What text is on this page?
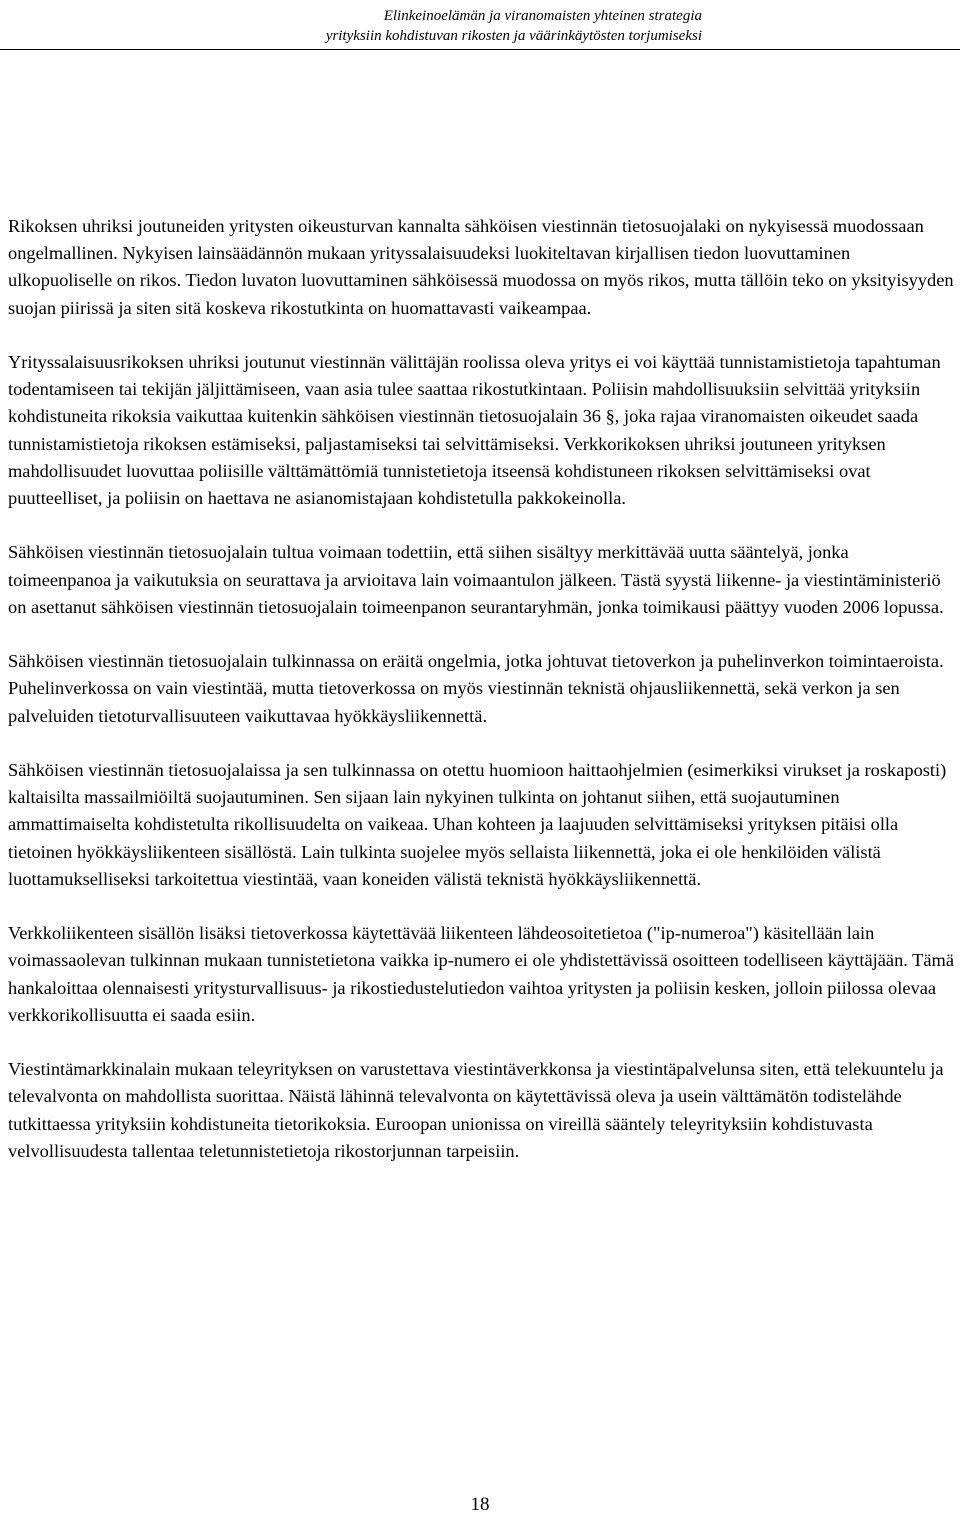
Elinkeinoelämän ja viranomaisten yhteinen strategia
yrityksiin kohdistuvan rikosten ja väärinkäytösten torjumiseksi

Rikoksen uhriksi joutuneiden yritysten oikeusturvan kannalta sähköisen viestinnän tietosuojalaki on nykyisessä muodossaan ongelmallinen. Nykyisen lainsäädännön mukaan yrityssalaisuudeksi luokiteltavan kirjallisen tiedon luovuttaminen ulkopuoliselle on rikos. Tiedon luvaton luovuttaminen sähköisessä muodossa on myös rikos, mutta tällöin teko on yksityisyyden suojan piirissä ja siten sitä koskeva rikostutkinta on huomattavasti vaikeampaa.

Yrityssalaisuusrikoksen uhriksi joutunut viestinnän välittäjän roolissa oleva yritys ei voi käyttää tunnistamistietoja tapahtuman todentamiseen tai tekijän jäljittämiseen, vaan asia tulee saattaa rikostutkintaan. Poliisin mahdollisuuksiin selvittää yrityksiin kohdistuneita rikoksia vaikuttaa kuitenkin sähköisen viestinnän tietosuojalain 36 §, joka rajaa viranomaisten oikeudet saada tunnistamistietoja rikoksen estämiseksi, paljastamiseksi tai selvittämiseksi. Verkkorikoksen uhriksi joutuneen yrityksen mahdollisuudet luovuttaa poliisille välttämättömiä tunnistetietoja itseensä kohdistuneen rikoksen selvittämiseksi ovat puutteelliset, ja poliisin on haettava ne asianomistajaan kohdistetulla pakkokeinolla.

Sähköisen viestinnän tietosuojalain tultua voimaan todettiin, että siihen sisältyy merkittävää uutta sääntelyä, jonka toimeenpanoa ja vaikutuksia on seurattava ja arvioitava lain voimaantulon jälkeen. Tästä syystä liikenne- ja viestintäministeriö on asettanut sähköisen viestinnän tietosuojalain toimeenpanon seurantaryhmän, jonka toimikausi päättyy vuoden 2006 lopussa.

Sähköisen viestinnän tietosuojalain tulkinnassa on eräitä ongelmia, jotka johtuvat tietoverkon ja puhelinverkon toimintaeroista. Puhelinverkossa on vain viestintää, mutta tietoverkossa on myös viestinnän teknistä ohjausliikennettä, sekä verkon ja sen palveluiden tietoturvallisuuteen vaikuttavaa hyökkäysliikennettä.

Sähköisen viestinnän tietosuojalaissa ja sen tulkinnassa on otettu huomioon haittaohjelmien (esimerkiksi virukset ja roskaposti) kaltaisilta massailmiöiltä suojautuminen. Sen sijaan lain nykyinen tulkinta on johtanut siihen, että suojautuminen ammattimaiselta kohdistetulta rikollisuudelta on vaikeaa. Uhan kohteen ja laajuuden selvittämiseksi yrityksen pitäisi olla tietoinen hyökkäysliikenteen sisällöstä. Lain tulkinta suojelee myös sellaista liikennettä, joka ei ole henkilöiden välistä luottamukselliseksi tarkoitettua viestintää, vaan koneiden välistä teknistä hyökkäysliikennettä.

Verkkoliikenteen sisällön lisäksi tietoverkossa käytettävää liikenteen lähdeosoitetietoa ("ip-numeroa") käsitellään lain voimassaolevan tulkinnan mukaan tunnistetietona vaikka ip-numero ei ole yhdistettävissä osoitteen todelliseen käyttäjään. Tämä hankaloittaa olennaisesti yritysturvallisuus- ja rikostiedustelutiedon vaihtoa yritysten ja poliisin kesken, jolloin piilossa olevaa verkkorikollisuutta ei saada esiin.

Viestintämarkkinalain mukaan teleyrityksen on varustettava viestintäverkkonsa ja viestintäpalvelunsa siten, että telekuuntelu ja televalvonta on mahdollista suorittaa. Näistä lähinnä televalvonta on käytettävissä oleva ja usein välttämätön todistelähde tutkittaessa yrityksiin kohdistuneita tietorikoksia. Euroopan unionissa on vireillä sääntely teleyrityksiin kohdistuvasta velvollisuudesta tallentaa teletunnistetietoja rikostorjunnan tarpeisiin.

18
